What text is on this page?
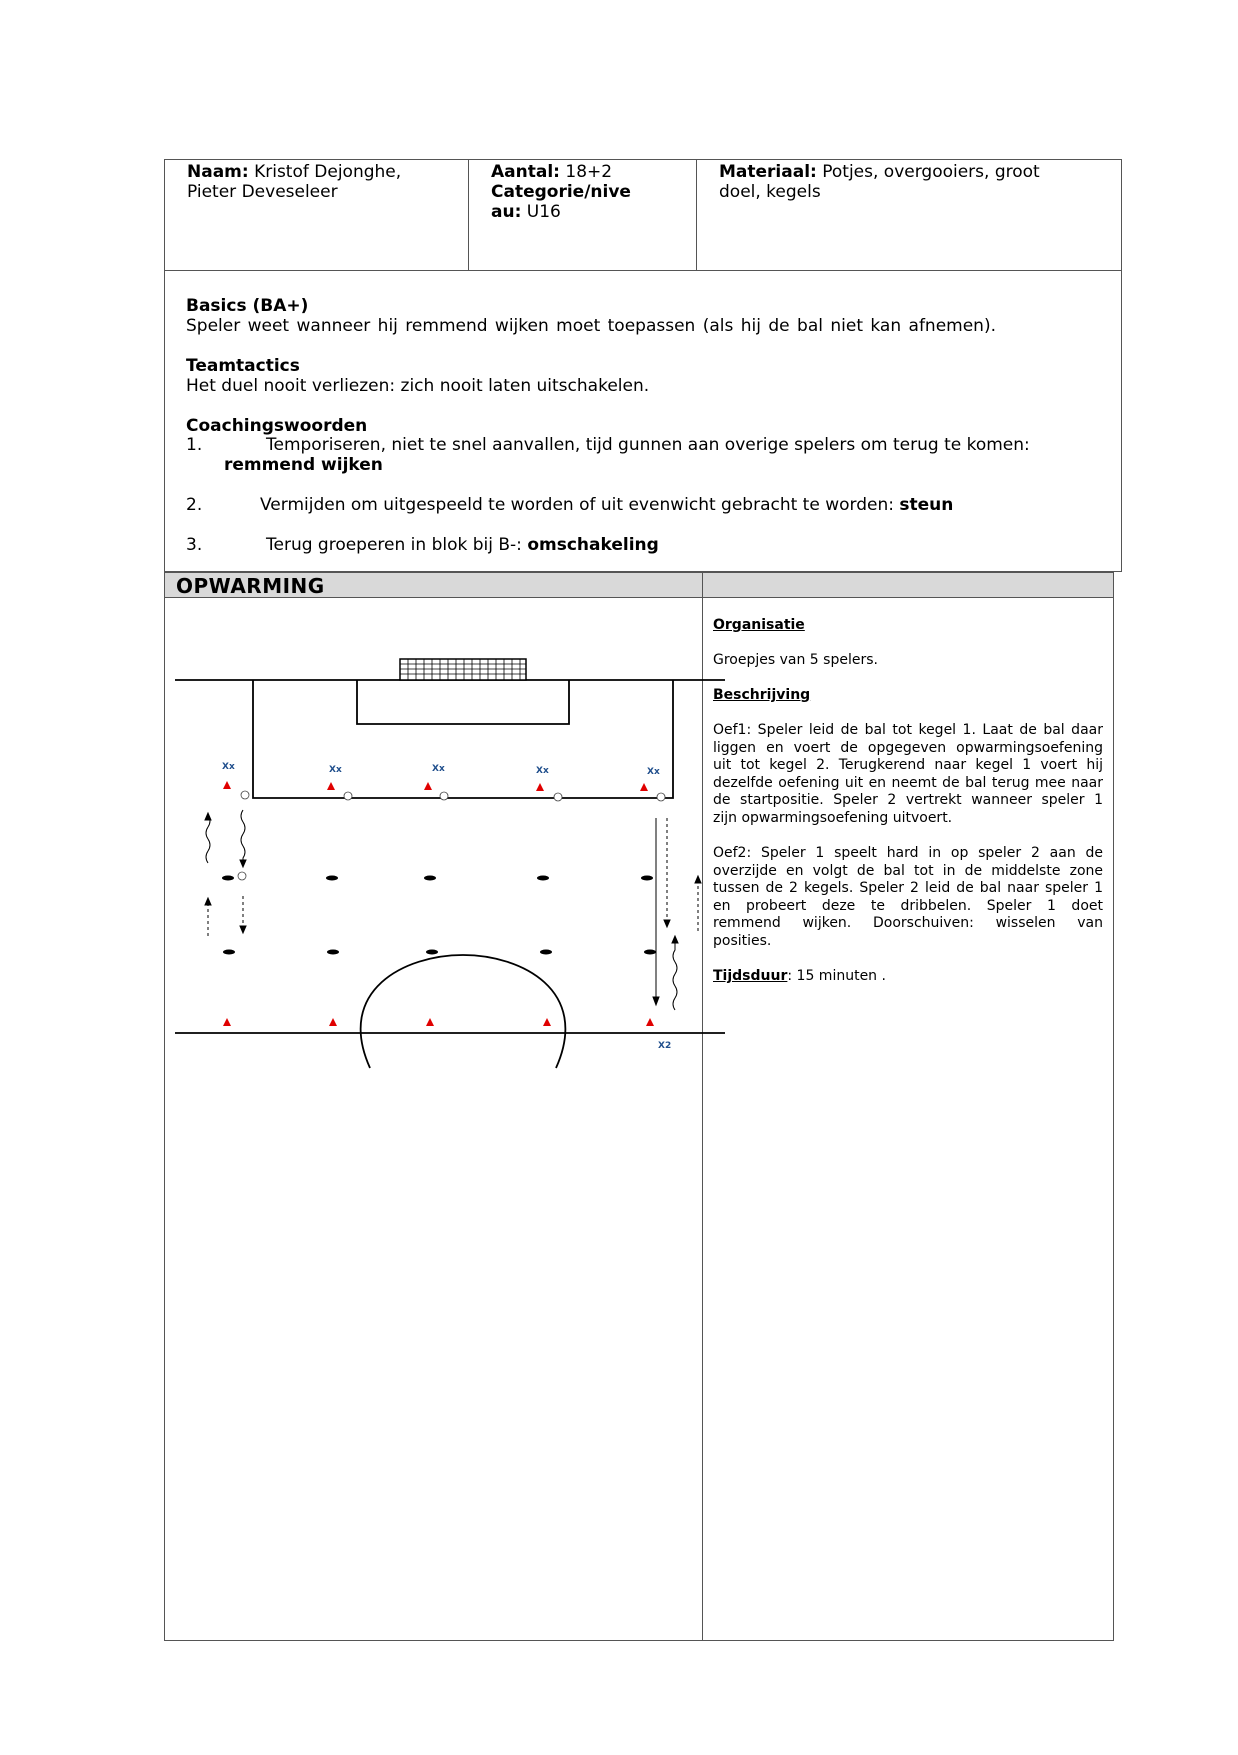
Naam: Kristof Dejonghe,
Pieter Deveseleer
Aantal: 18+2
Categorie/nive
au: U16
Materiaal: Potjes, overgooiers, groot
doel, kegels
Basics (BA+)
Speler weet wanneer hij remmend wijken moet toepassen (als hij de bal niet kan afnemen).
Teamtactics
Het duel nooit verliezen: zich nooit laten uitschakelen.
Coachingswoorden
1.	Temporiseren, niet te snel aanvallen, tijd gunnen aan overige spelers om terug te komen:
remmend wijken
2.	Vermijden om uitgespeeld te worden of uit evenwicht gebracht te worden: steun
3.	Terug groeperen in blok bij B-: omschakeling
OPWARMING
Organisatie
Groepjes van 5 spelers.
Beschrijving
Oef1: Speler leid de bal tot kegel 1. Laat de bal daar
liggen en voert de opgegeven opwarmingsoefening
uit tot kegel 2. Terugkerend naar kegel 1 voert hij
dezelfde oefening uit en neemt de bal terug mee naar
de startpositie. Speler 2 vertrekt wanneer speler 1
zijn opwarmingsoefening uitvoert.
Oef2: Speler 1 speelt hard in op speler 2 aan de
overzijde en volgt de bal tot in de middelste zone
tussen de 2 kegels. Speler 2 leid de bal naar speler 1
en probeert deze te dribbelen. Speler 1 doet
remmend wijken. Doorschuiven: wisselen van
posities.
Tijdsduur: 15 minuten .
Xx	Xx	Xx	Xx	Xx
X2
